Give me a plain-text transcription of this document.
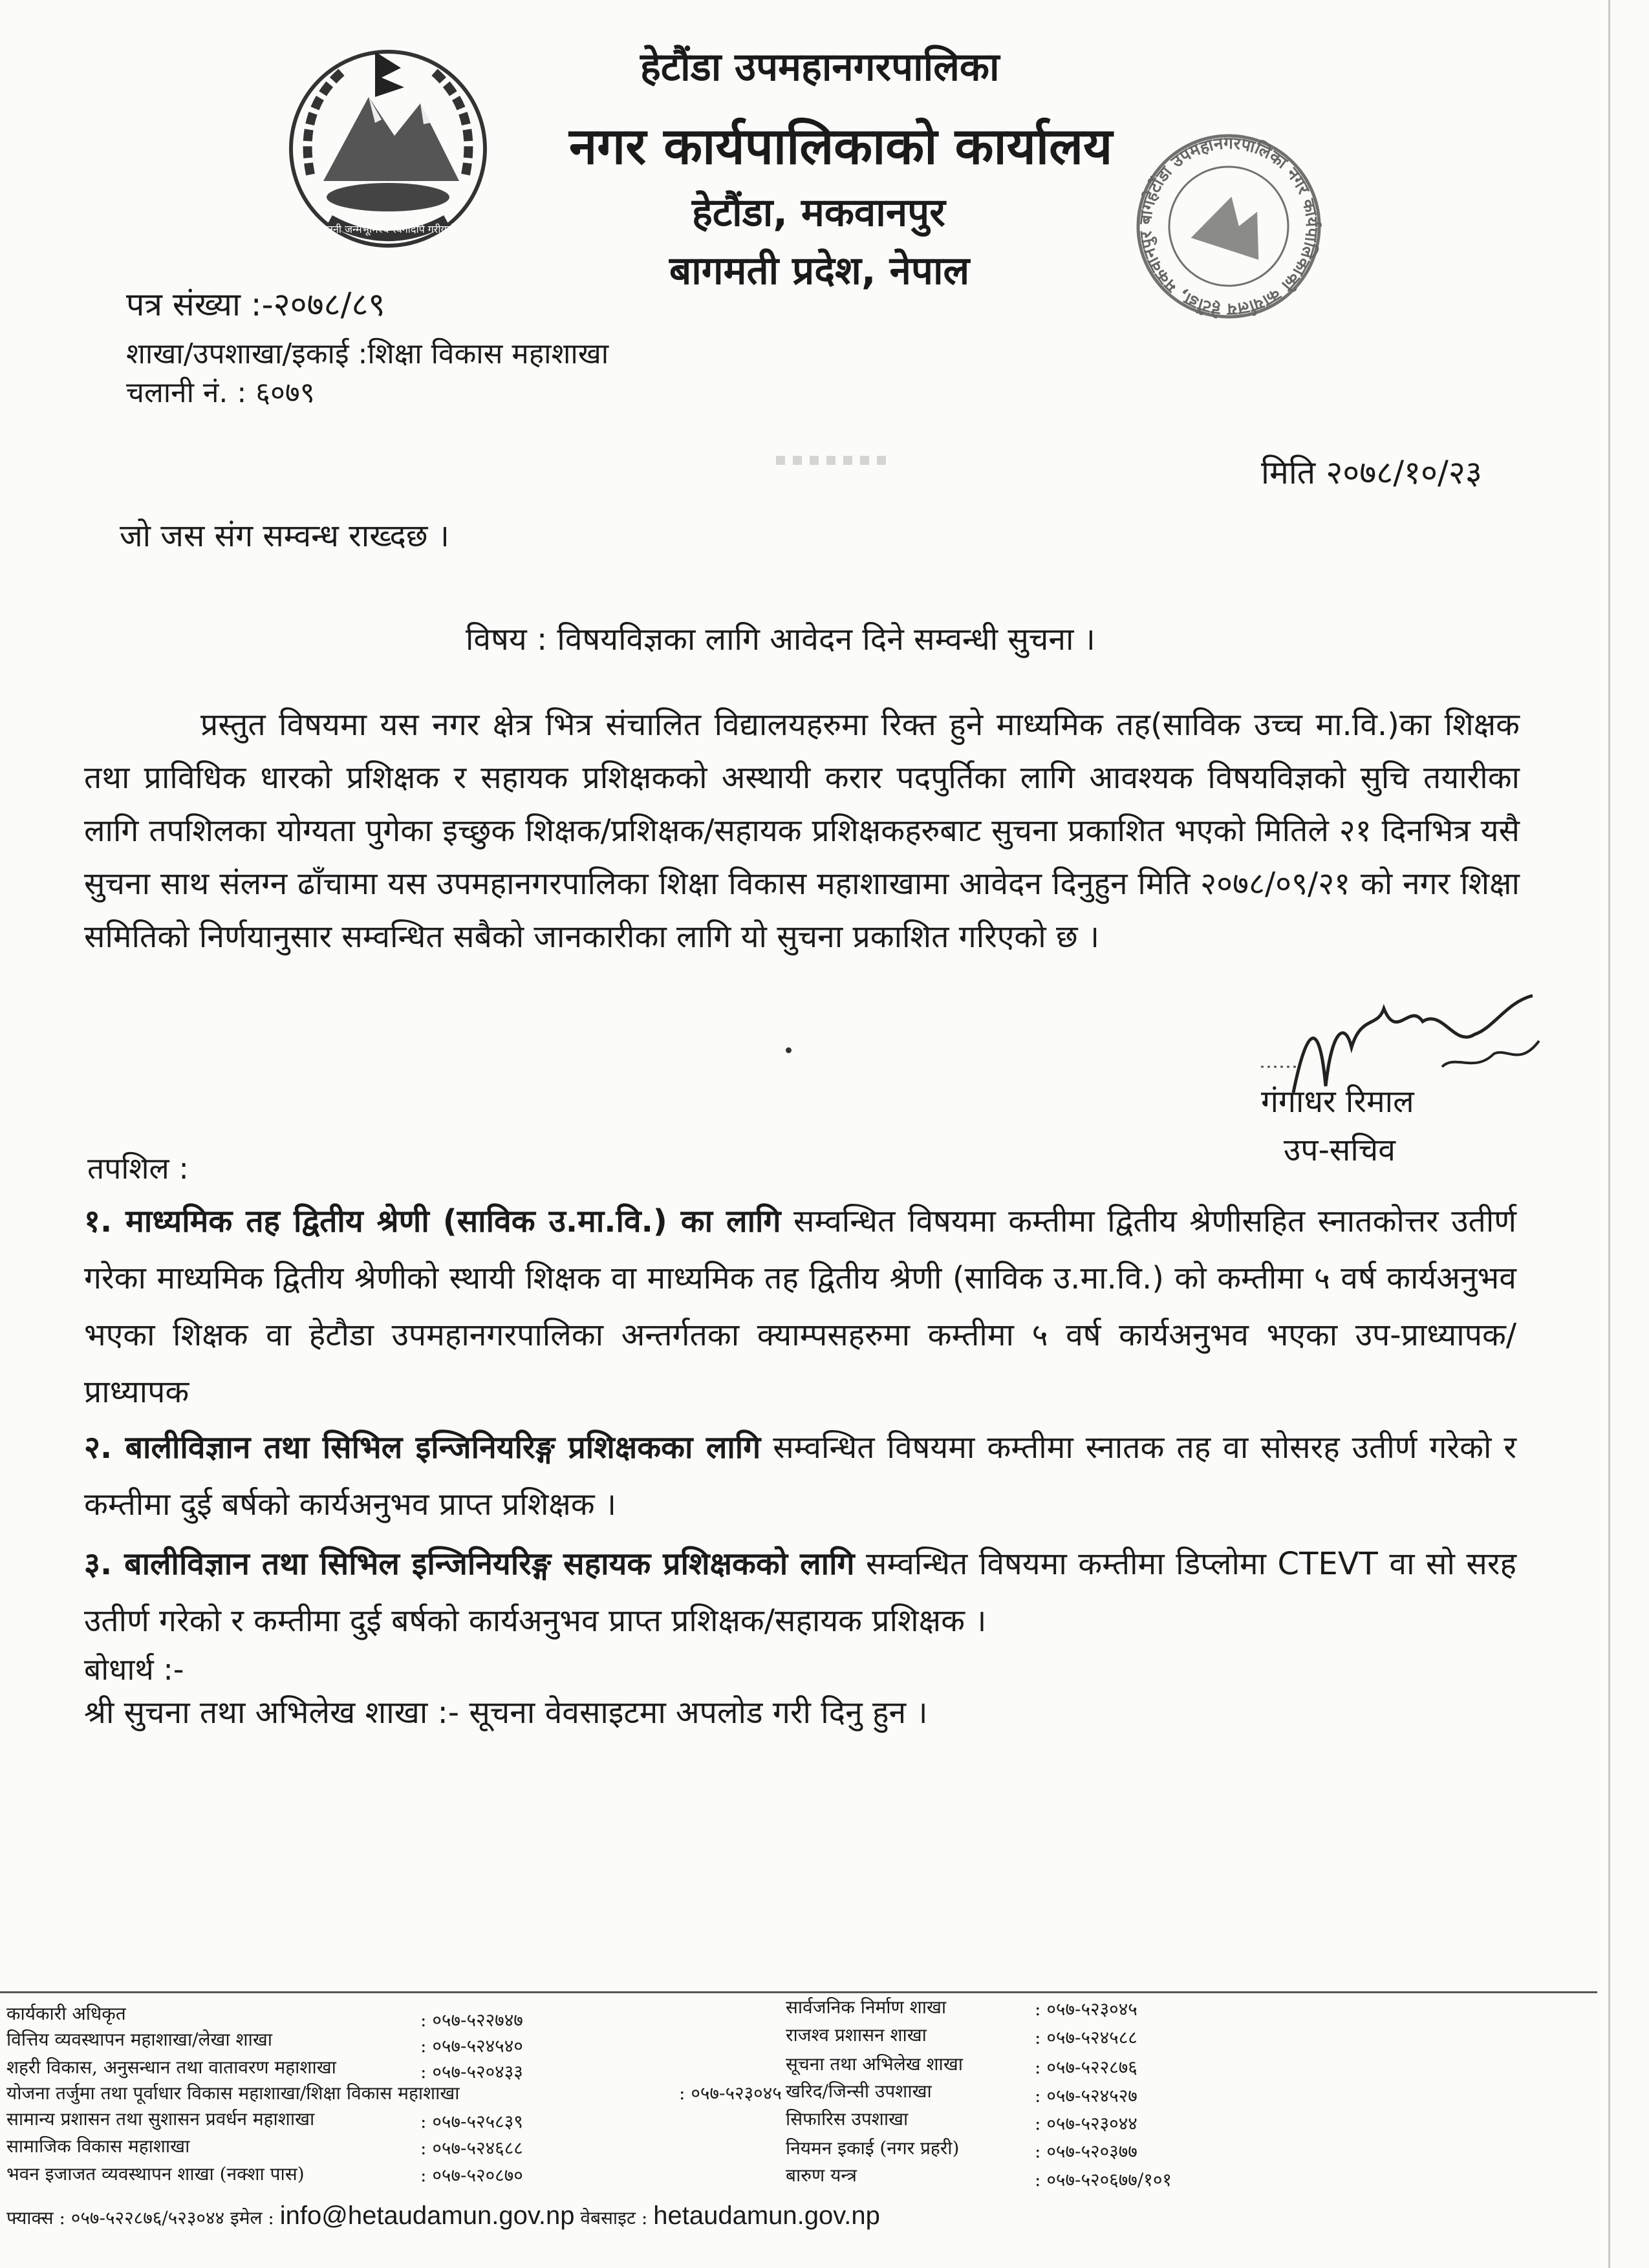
जननी जन्मभूमिश्च स्वर्गादपि गरीयसी
हेटौंडा उपमहानगरपालिका
नगर कार्यपालिकाको कार्यालय
हेटौंडा, मकवानपुर
बागमती प्रदेश, नेपाल
हेटौंडा उपमहानगरपालिका नगर कार्यपालिकाको कार्यालय हेटौंडा, मकवानपुर बागमती
पत्र संख्या :-२०७८/८९
शाखा/उपशाखा/इकाई :शिक्षा विकास महाशाखा
चलानी नं. : ६०७९
मिति २०७८/१०/२३
जो जस संग सम्वन्ध राख्दछ ।
विषय : विषयविज्ञका लागि आवेदन दिने सम्वन्धी सुचना ।
प्रस्तुत विषयमा यस नगर क्षेत्र भित्र संचालित विद्यालयहरुमा रिक्त हुने माध्यमिक तह(साविक उच्च मा.वि.)का शिक्षक तथा प्राविधिक धारको प्रशिक्षक र सहायक प्रशिक्षकको अस्थायी करार पदपुर्तिका लागि आवश्यक विषयविज्ञको सुचि तयारीका लागि तपशिलका योग्यता पुगेका इच्छुक शिक्षक/प्रशिक्षक/सहायक प्रशिक्षकहरुबाट सुचना प्रकाशित भएको मितिले २१ दिनभित्र यसै सुचना साथ संलग्न ढाँचामा यस उपमहानगरपालिका शिक्षा विकास महाशाखामा आवेदन दिनुहुन मिति २०७८/०९/२१ को नगर शिक्षा समितिको निर्णयानुसार सम्वन्धित सबैको जानकारीका लागि यो सुचना प्रकाशित गरिएको छ ।
गंगाधर रिमाल
उप-सचिव
तपशिल :
१. माध्यमिक तह द्वितीय श्रेणी (साविक उ.मा.वि.) का लागि सम्वन्धित विषयमा कम्तीमा द्वितीय श्रेणीसहित स्नातकोत्तर उतीर्ण गरेका माध्यमिक द्वितीय श्रेणीको स्थायी शिक्षक वा माध्यमिक तह द्वितीय श्रेणी (साविक उ.मा.वि.) को कम्तीमा ५ वर्ष कार्यअनुभव भएका शिक्षक वा हेटौडा उपमहानगरपालिका अन्तर्गतका क्याम्पसहरुमा कम्तीमा ५ वर्ष कार्यअनुभव भएका उप-प्राध्यापक/प्राध्यापक
२. बालीविज्ञान तथा सिभिल इन्जिनियरिङ्ग प्रशिक्षकका लागि सम्वन्धित विषयमा कम्तीमा स्नातक तह वा सोसरह उतीर्ण गरेको र कम्तीमा दुई बर्षको कार्यअनुभव प्राप्त प्रशिक्षक ।
३. बालीविज्ञान तथा सिभिल इन्जिनियरिङ्ग सहायक प्रशिक्षकको लागि सम्वन्धित विषयमा कम्तीमा डिप्लोमा CTEVT वा सो सरह उतीर्ण गरेको र कम्तीमा दुई बर्षको कार्यअनुभव प्राप्त प्रशिक्षक/सहायक प्रशिक्षक ।
बोधार्थ :-
श्री सुचना तथा अभिलेख शाखा :- सूचना वेवसाइटमा अपलोड गरी दिनु हुन ।
कार्यकारी अधिकृत	: ०५७-५२२७४७
वित्तिय व्यवस्थापन महाशाखा/लेखा शाखा	: ०५७-५२४५४०
शहरी विकास, अनुसन्धान तथा वातावरण महाशाखा	: ०५७-५२०४३३
योजना तर्जुमा तथा पूर्वाधार विकास महाशाखा/शिक्षा विकास महाशाखा	: ०५७-५२३०४५
सामान्य प्रशासन तथा सुशासन प्रवर्धन महाशाखा	: ०५७-५२५८३९
सामाजिक विकास महाशाखा	: ०५७-५२४६८८
भवन इजाजत व्यवस्थापन शाखा (नक्शा पास)	: ०५७-५२०८७०
सार्वजनिक निर्माण शाखा	: ०५७-५२३०४५
राजश्व प्रशासन शाखा	: ०५७-५२४५८८
सूचना तथा अभिलेख शाखा	: ०५७-५२२८७६
खरिद/जिन्सी उपशाखा	: ०५७-५२४५२७
सिफारिस उपशाखा	: ०५७-५२३०४४
नियमन इकाई (नगर प्रहरी)	: ०५७-५२०३७७
बारुण यन्त्र	: ०५७-५२०६७७/१०१
फ्याक्स : ०५७-५२२८७६/५२३०४४ इमेल : info@hetaudamun.gov.np वेबसाइट : hetaudamun.gov.np
